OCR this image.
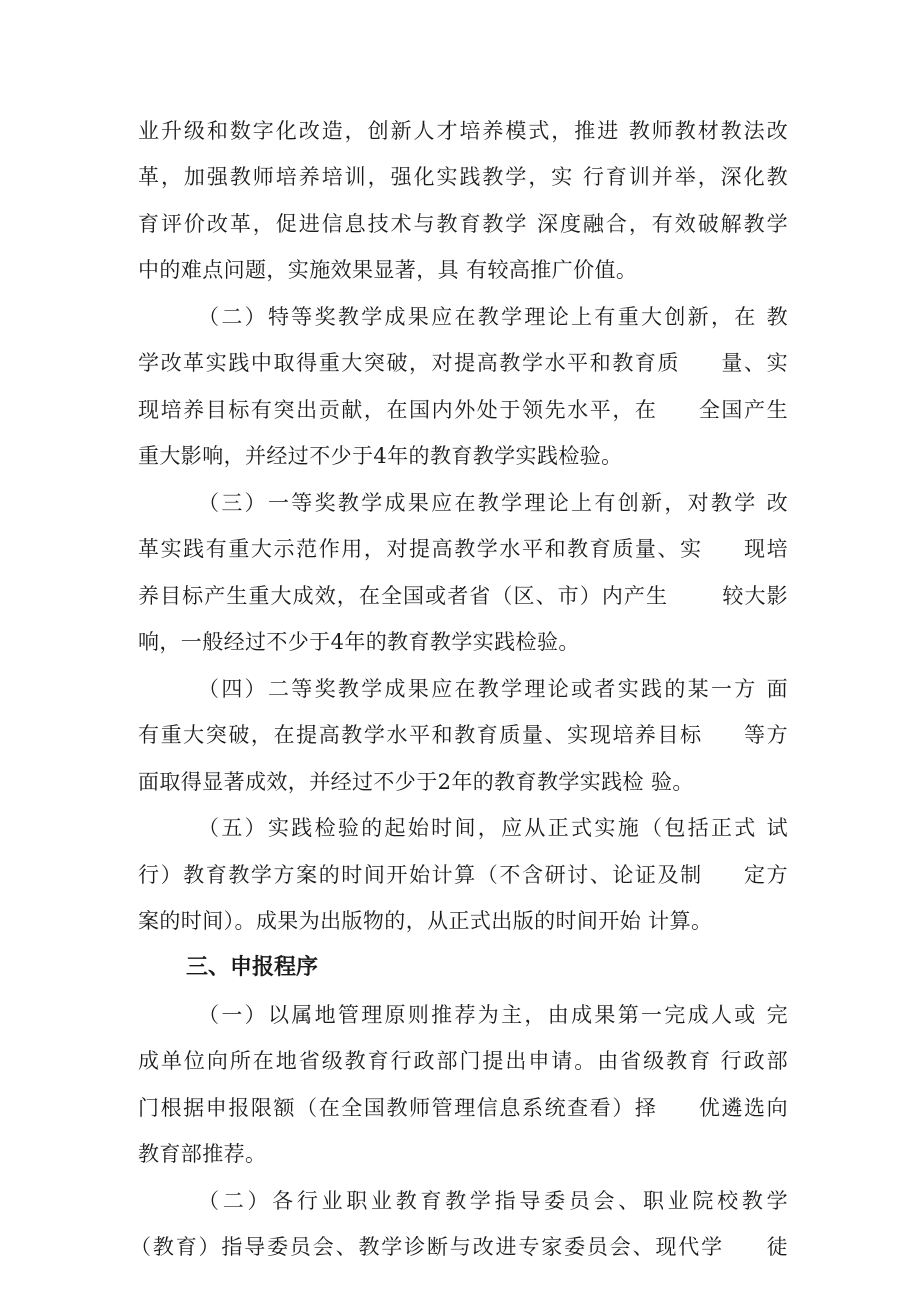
业升级和数字化改造，创新人才培养模式，推进 教师教材教法改
革，加强教师培养培训，强化实践教学，实 行育训并举，深化教
育评价改革，促进信息技术与教育教学 深度融合，有效破解教学
中的难点问题，实施效果显著，具 有较高推广价值。
（二）特等奖教学成果应在教学理论上有重大创新，在 教
学改革实践中取得重大突破，对提高教学水平和教育质     量、实
现培养目标有突出贡献，在国内外处于领先水平，在     全国产生
重大影响，并经过不少于4年的教育教学实践检验。
（三）一等奖教学成果应在教学理论上有创新，对教学 改
革实践有重大示范作用，对提高教学水平和教育质量、实     现培
养目标产生重大成效，在全国或者省（区、市）内产生       较大影
响，一般经过不少于4年的教育教学实践检验。
（四）二等奖教学成果应在教学理论或者实践的某一方 面
有重大突破，在提高教学水平和教育质量、实现培养目标     等方
面取得显著成效，并经过不少于2年的教育教学实践检 验。
（五）实践检验的起始时间，应从正式实施（包括正式 试
行）教育教学方案的时间开始计算（不含研讨、论证及制     定方
案的时间）。成果为出版物的，从正式出版的时间开始 计算。
三、申报程序
（一）以属地管理原则推荐为主，由成果第一完成人或 完
成单位向所在地省级教育行政部门提出申请。由省级教育 行政部
门根据申报限额（在全国教师管理信息系统查看）择     优遴选向
教育部推荐。
（二）各行业职业教育教学指导委员会、职业院校教学
（教育）指导委员会、教学诊断与改进专家委员会、现代学     徒
